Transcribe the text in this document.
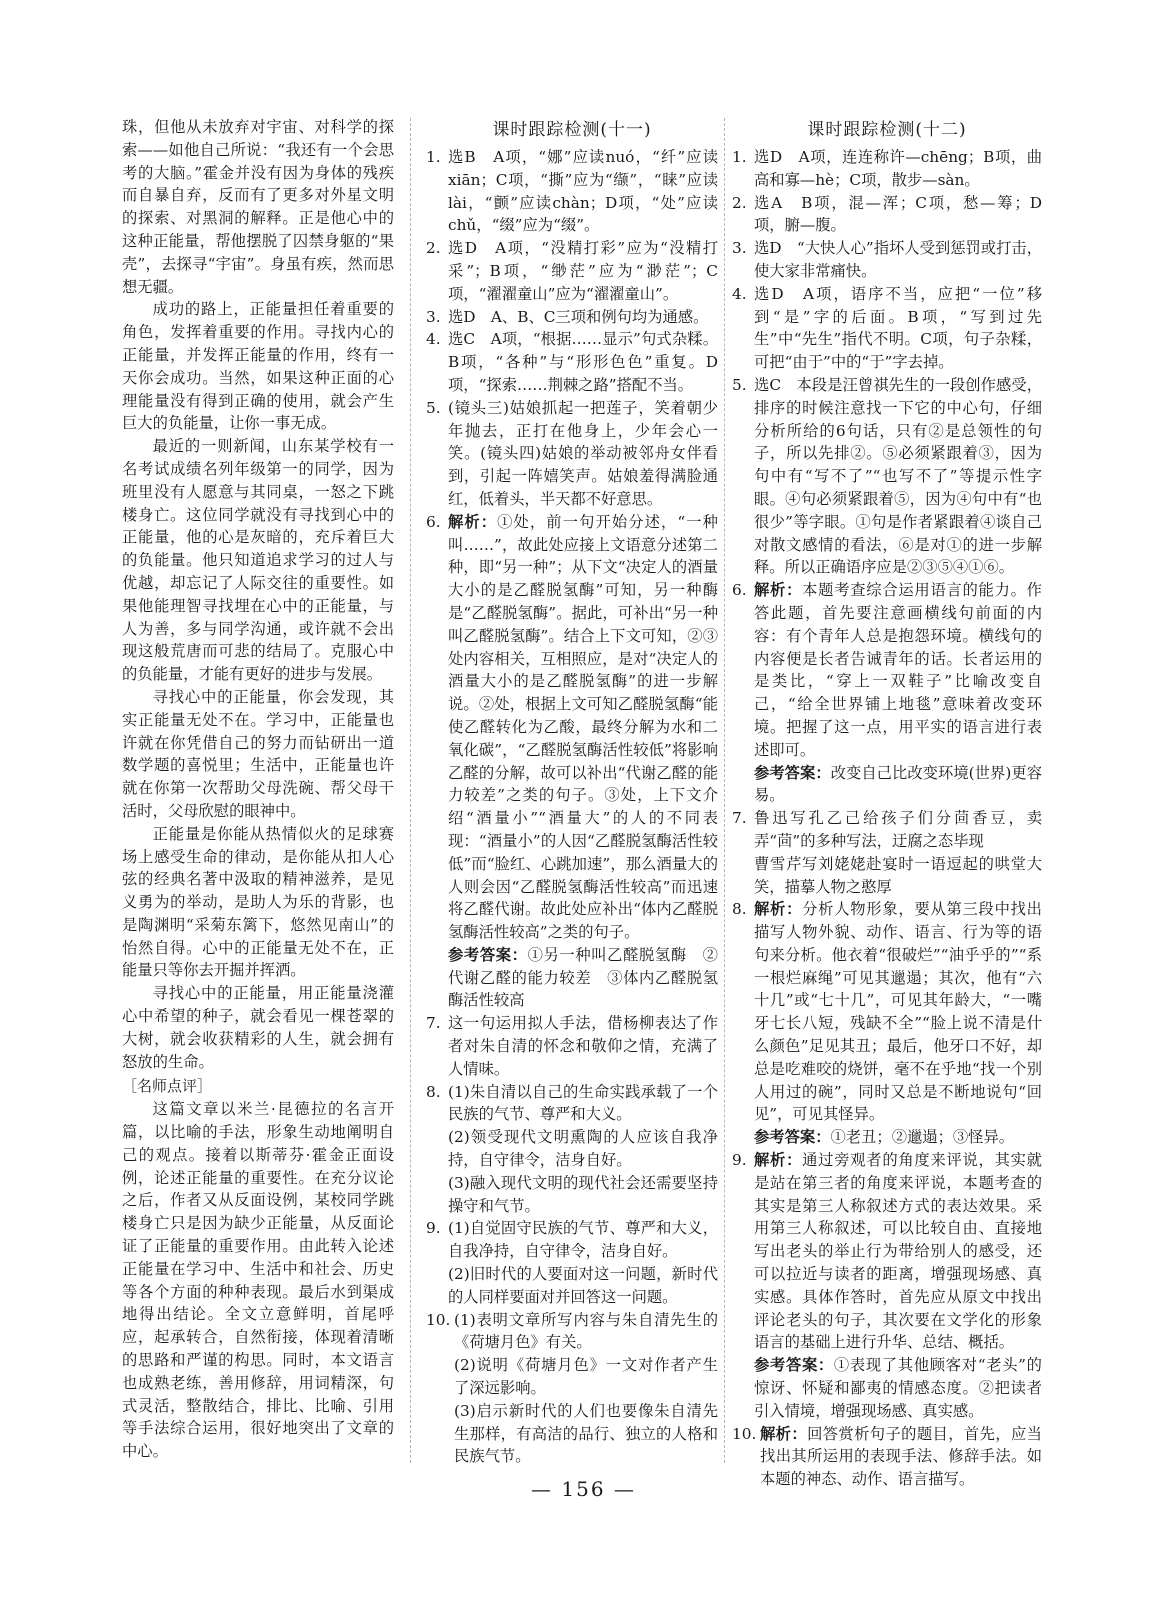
珠，但他从未放弃对宇宙、对科学的探索——如他自己所说：“我还有一个会思考的大脑。”霍金并没有因为身体的残疾而自暴自弃，反而有了更多对外星文明的探索、对黑洞的解释。正是他心中的这种正能量，帮他摆脱了囚禁身躯的“果壳”，去探寻“宇宙”。身虽有疾，然而思想无疆。

成功的路上，正能量担任着重要的角色，发挥着重要的作用。寻找内心的正能量，并发挥正能量的作用，终有一天你会成功。当然，如果这种正面的心理能量没有得到正确的使用，就会产生巨大的负能量，让你一事无成。

最近的一则新闻，山东某学校有一名考试成绩名列年级第一的同学，因为班里没有人愿意与其同桌，一怒之下跳楼身亡。这位同学就没有寻找到心中的正能量，他的心是灰暗的，充斥着巨大的负能量。他只知道追求学习的过人与优越，却忘记了人际交往的重要性。如果他能理智寻找埋在心中的正能量，与人为善，多与同学沟通，或许就不会出现这般荒唐而可悲的结局了。克服心中的负能量，才能有更好的进步与发展。

寻找心中的正能量，你会发现，其实正能量无处不在。学习中，正能量也许就在你凭借自己的努力而钻研出一道数学题的喜悦里；生活中，正能量也许就在你第一次帮助父母洗碗、帮父母干活时，父母欣慰的眼神中。

正能量是你能从热情似火的足球赛场上感受生命的律动，是你能从扣人心弦的经典名著中汲取的精神滋养，是见义勇为的举动，是助人为乐的背影，也是陶渊明“采菊东篱下，悠然见南山”的怡然自得。心中的正能量无处不在，正能量只等你去开掘并挥洒。

寻找心中的正能量，用正能量浇灌心中希望的种子，就会看见一棵苍翠的大树，就会收获精彩的人生，就会拥有怒放的生命。

［名师点评］

这篇文章以米兰·昆德拉的名言开篇，以比喻的手法，形象生动地阐明自己的观点。接着以斯蒂芬·霍金正面设例，论述正能量的重要性。在充分议论之后，作者又从反面设例，某校同学跳楼身亡只是因为缺少正能量，从反面论证了正能量的重要作用。由此转入论述正能量在学习中、生活中和社会、历史等各个方面的种种表现。最后水到渠成地得出结论。全文立意鲜明，首尾呼应，起承转合，自然衔接，体现着清晰的思路和严谨的构思。同时，本文语言也成熟老练，善用修辞，用词精深，句式灵活，整散结合，排比、比喻、引用等手法综合运用，很好地突出了文章的中心。

课时跟踪检测(十一)
1. 选B　A项，“娜”应读nuó，“纤”应读xiān；C项，“撕”应为“缬”，“睐”应读lài，“颤”应读chàn；D项，“处”应读chǔ，“缀”应为“缀”。
2. 选D　A项，“没精打彩”应为“没精打采”；B项，“缈茫”应为“渺茫”；C项，“濯濯童山”应为“濯濯童山”。
3. 选D　A、B、C三项和例句均为通感。
4. 选C　A项，“根据……显示”句式杂糅。B项，“各种”与“形形色色”重复。D项，“探索……荆棘之路”搭配不当。
5. (镜头三)姑娘抓起一把莲子，笑着朝少年抛去，正打在他身上，少年会心一笑。(镜头四)姑娘的举动被邻舟女伴看到，引起一阵嬉笑声。姑娘羞得满脸通红，低着头，半天都不好意思。
6. 解析：①处，前一句开始分述，“一种叫……”，故此处应接上文语意分述第二种，即“另一种”；从下文“决定人的酒量大小的是乙醛脱氢酶”可知，另一种酶是“乙醛脱氢酶”。据此，可补出“另一种叫乙醛脱氢酶”。结合上下文可知，②③处内容相关，互相照应，是对“决定人的酒量大小的是乙醛脱氢酶”的进一步解说。②处，根据上文可知乙醛脱氢酶“能使乙醛转化为乙酸，最终分解为水和二氧化碳”，“乙醛脱氢酶活性较低”将影响乙醛的分解，故可以补出“代谢乙醛的能力较差”之类的句子。③处，上下文介绍“酒量小”“酒量大”的人的不同表现：“酒量小”的人因“乙醛脱氢酶活性较低”而“脸红、心跳加速”，那么酒量大的人则会因“乙醛脱氢酶活性较高”而迅速将乙醛代谢。故此处应补出“体内乙醛脱氢酶活性较高”之类的句子。
参考答案：①另一种叫乙醛脱氢酶　②代谢乙醛的能力较差　③体内乙醛脱氢酶活性较高
7. 这一句运用拟人手法，借杨柳表达了作者对朱自清的怀念和敬仰之情，充满了人情味。
8. (1)朱自清以自己的生命实践承载了一个民族的气节、尊严和大义。
(2)领受现代文明熏陶的人应该自我净持，自守律令，洁身自好。
(3)融入现代文明的现代社会还需要坚持操守和气节。
9. (1)自觉固守民族的气节、尊严和大义，自我净持，自守律令，洁身自好。
(2)旧时代的人要面对这一问题，新时代的人同样要面对并回答这一问题。
10. (1)表明文章所写内容与朱自清先生的《荷塘月色》有关。
(2)说明《荷塘月色》一文对作者产生了深远影响。
(3)启示新时代的人们也要像朱自清先生那样，有高洁的品行、独立的人格和民族气节。
课时跟踪检测(十二)
1. 选D　A项，连连称许—chēng；B项，曲高和寡—hè；C项，散步—sàn。
2. 选A　B项，混—浑；C项，愁—筹；D项，腑—腹。
3. 选D　“大快人心”指坏人受到惩罚或打击，使大家非常痛快。
4. 选D　A项，语序不当，应把“一位”移到“是”字的后面。B项，“写到过先生”中“先生”指代不明。C项，句子杂糅，可把“由于”中的“于”字去掉。
5. 选C　本段是汪曾祺先生的一段创作感受，排序的时候注意找一下它的中心句，仔细分析所给的6句话，只有②是总领性的句子，所以先排②。⑤必须紧跟着③，因为句中有“写不了”“也写不了”等提示性字眼。④句必须紧跟着⑤，因为④句中有“也很少”等字眼。①句是作者紧跟着④谈自己对散文感情的看法，⑥是对①的进一步解释。所以正确语序应是②③⑤④①⑥。
6. 解析：本题考查综合运用语言的能力。作答此题，首先要注意画横线句前面的内容：有个青年人总是抱怨环境。横线句的内容便是长者告诫青年的话。长者运用的是类比，“穿上一双鞋子”比喻改变自己，“给全世界铺上地毯”意味着改变环境。把握了这一点，用平实的语言进行表述即可。
参考答案：改变自己比改变环境(世界)更容易。
7. 鲁迅写孔乙己给孩子们分茴香豆，卖弄“茴”的多种写法，迂腐之态毕现
曹雪芹写刘姥姥赴宴时一语逗起的哄堂大笑，描摹人物之憨厚
8. 解析：分析人物形象，要从第三段中找出描写人物外貌、动作、语言、行为等的语句来分析。他衣着“很破烂”“油乎乎的”“系一根烂麻绳”可见其邋遢；其次，他有“六十几”或“七十几”，可见其年龄大，“一嘴牙七长八短，残缺不全”“脸上说不清是什么颜色”足见其丑；最后，他牙口不好，却总是吃难咬的烧饼，毫不在乎地“找一个别人用过的碗”，同时又总是不断地说句“回见”，可见其怪异。
参考答案：①老丑；②邋遢；③怪异。
9. 解析：通过旁观者的角度来评说，其实就是站在第三者的角度来评说，本题考查的其实是第三人称叙述方式的表达效果。采用第三人称叙述，可以比较自由、直接地写出老头的举止行为带给别人的感受，还可以拉近与读者的距离，增强现场感、真实感。具体作答时，首先应从原文中找出评论老头的句子，其次要在文学化的形象语言的基础上进行升华、总结、概括。
参考答案：①表现了其他顾客对“老头”的惊讶、怀疑和鄙夷的情感态度。②把读者引入情境，增强现场感、真实感。
10. 解析：回答赏析句子的题目，首先，应当找出其所运用的表现手法、修辞手法。如本题的神态、动作、语言描写。
— 156 —
